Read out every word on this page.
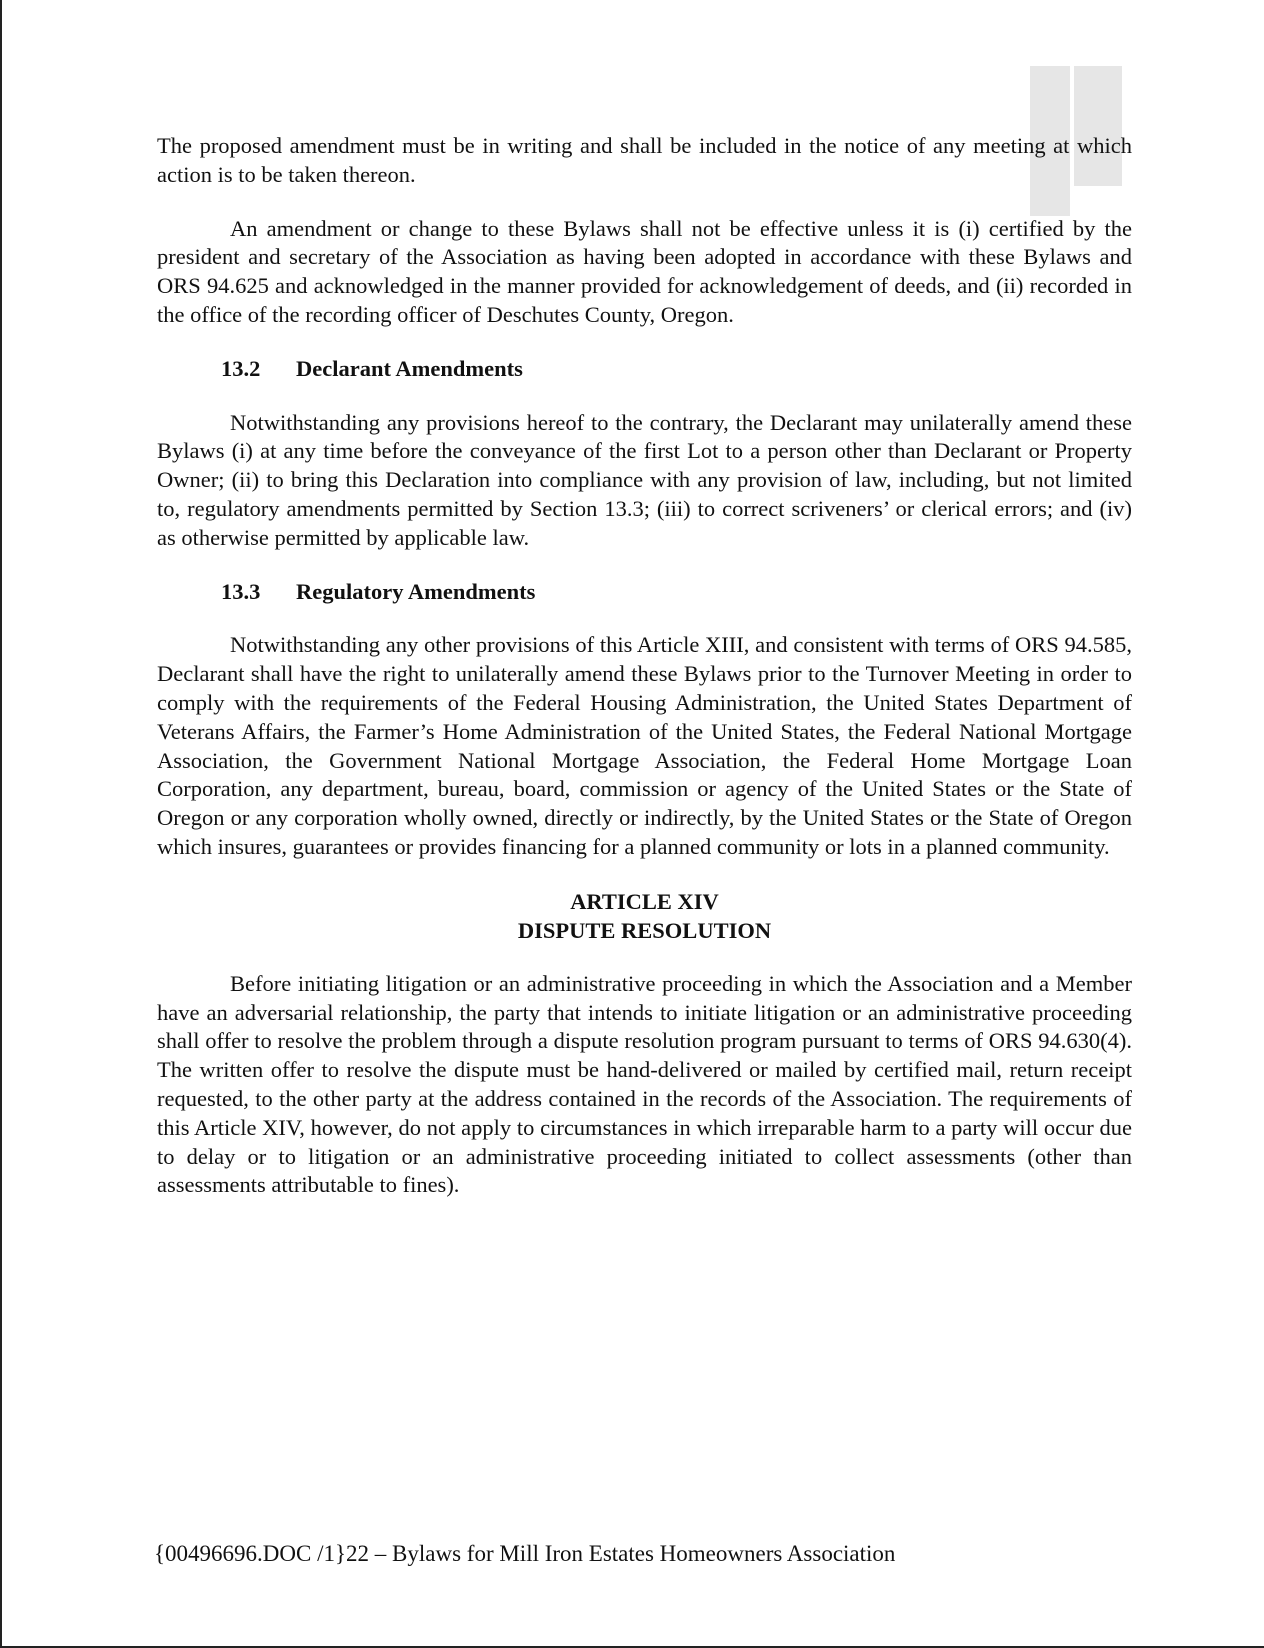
The proposed amendment must be in writing and shall be included in the notice of any meeting at which action is to be taken thereon.

An amendment or change to these Bylaws shall not be effective unless it is (i) certified by the president and secretary of the Association as having been adopted in accordance with these Bylaws and ORS 94.625 and acknowledged in the manner provided for acknowledgement of deeds, and (ii) recorded in the office of the recording officer of Deschutes County, Oregon.

13.2	Declarant Amendments

Notwithstanding any provisions hereof to the contrary, the Declarant may unilaterally amend these Bylaws (i) at any time before the conveyance of the first Lot to a person other than Declarant or Property Owner; (ii) to bring this Declaration into compliance with any provision of law, including, but not limited to, regulatory amendments permitted by Section 13.3; (iii) to correct scriveners’ or clerical errors; and (iv) as otherwise permitted by applicable law.

13.3	Regulatory Amendments

Notwithstanding any other provisions of this Article XIII, and consistent with terms of ORS 94.585, Declarant shall have the right to unilaterally amend these Bylaws prior to the Turnover Meeting in order to comply with the requirements of the Federal Housing Administration, the United States Department of Veterans Affairs, the Farmer’s Home Administration of the United States, the Federal National Mortgage Association, the Government National Mortgage Association, the Federal Home Mortgage Loan Corporation, any department, bureau, board, commission or agency of the United States or the State of Oregon or any corporation wholly owned, directly or indirectly, by the United States or the State of Oregon which insures, guarantees or provides financing for a planned community or lots in a planned community.

ARTICLE XIV
DISPUTE RESOLUTION

Before initiating litigation or an administrative proceeding in which the Association and a Member have an adversarial relationship, the party that intends to initiate litigation or an administrative proceeding shall offer to resolve the problem through a dispute resolution program pursuant to terms of ORS 94.630(4). The written offer to resolve the dispute must be hand-delivered or mailed by certified mail, return receipt requested, to the other party at the address contained in the records of the Association. The requirements of this Article XIV, however, do not apply to circumstances in which irreparable harm to a party will occur due to delay or to litigation or an administrative proceeding initiated to collect assessments (other than assessments attributable to fines).

{00496696.DOC /1}22 – Bylaws for Mill Iron Estates Homeowners Association
